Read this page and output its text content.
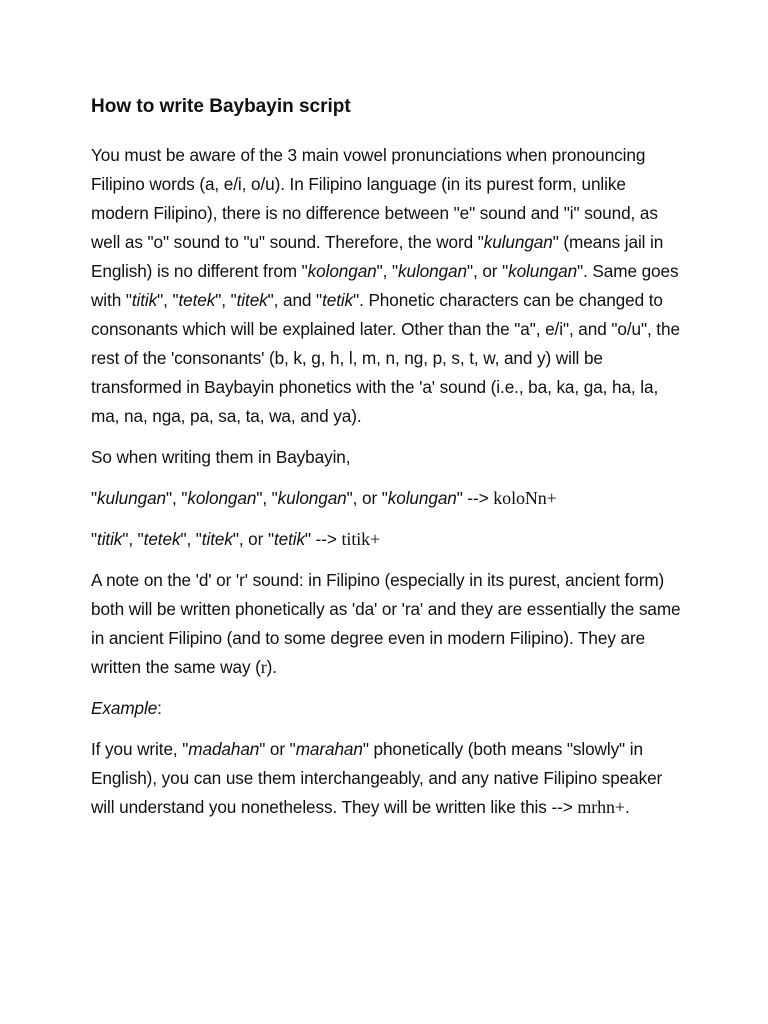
How to write Baybayin script

You must be aware of the 3 main vowel pronunciations when pronouncing Filipino words (a, e/i, o/u). In Filipino language (in its purest form, unlike modern Filipino), there is no difference between "e" sound and "i" sound, as well as "o" sound to "u" sound. Therefore, the word "kulungan" (means jail in English) is no different from "kolongan", "kulongan", or "kolungan". Same goes with "titik", "tetek", "titek", and "tetik". Phonetic characters can be changed to consonants which will be explained later. Other than the "a", e/i", and "o/u", the rest of the 'consonants' (b, k, g, h, l, m, n, ng, p, s, t, w, and y) will be transformed in Baybayin phonetics with the 'a' sound (i.e., ba, ka, ga, ha, la, ma, na, nga, pa, sa, ta, wa, and ya).

So when writing them in Baybayin,

"kulungan", "kolongan", "kulongan", or "kolungan" --> koloNn+

"titik", "tetek", "titek", or "tetik" --> titik+

A note on the 'd' or 'r' sound: in Filipino (especially in its purest, ancient form) both will be written phonetically as 'da' or 'ra' and they are essentially the same in ancient Filipino (and to some degree even in modern Filipino). They are written the same way (r).

Example:

If you write, "madahan" or "marahan" phonetically (both means "slowly" in English), you can use them interchangeably, and any native Filipino speaker will understand you nonetheless. They will be written like this --> mrhn+.
